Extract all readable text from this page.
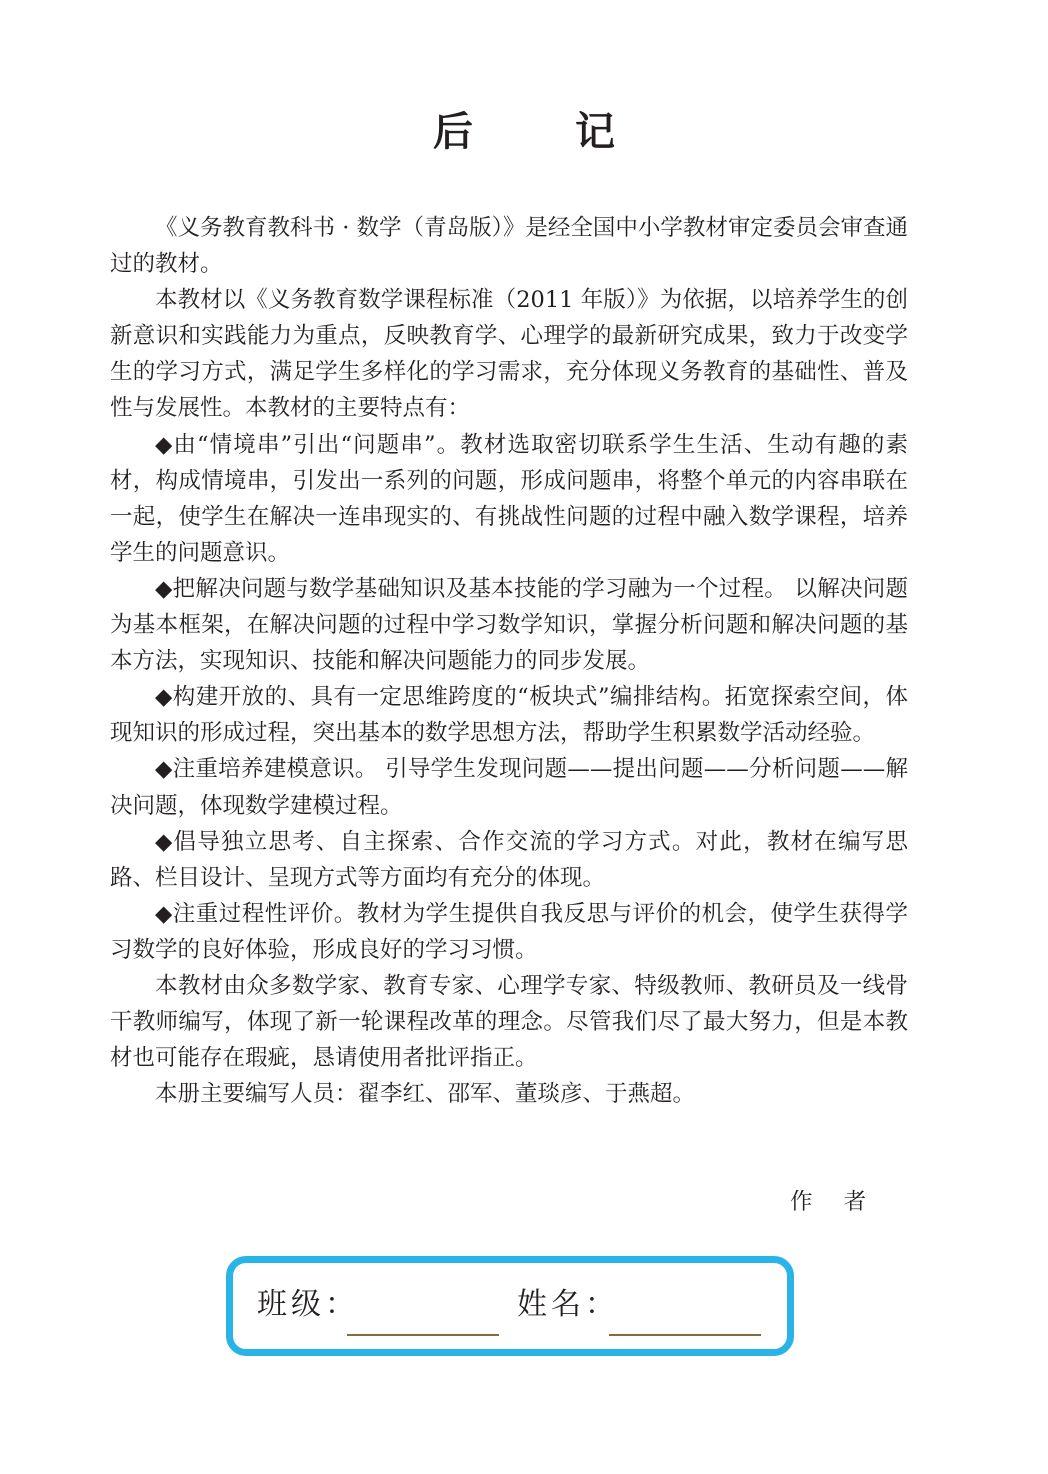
后 记

《义务教育教科书 · 数学（青岛版）》是经全国中小学教材审定委员会审查通过的教材。

本教材以《义务教育数学课程标准（2011 年版）》为依据，以培养学生的创新意识和实践能力为重点，反映教育学、心理学的最新研究成果，致力于改变学生的学习方式，满足学生多样化的学习需求，充分体现义务教育的基础性、普及性与发展性。本教材的主要特点有：

◆由“情境串”引出“问题串”。教材选取密切联系学生生活、生动有趣的素材，构成情境串，引发出一系列的问题，形成问题串，将整个单元的内容串联在一起，使学生在解决一连串现实的、有挑战性问题的过程中融入数学课程，培养学生的问题意识。

◆把解决问题与数学基础知识及基本技能的学习融为一个过程。 以解决问题为基本框架，在解决问题的过程中学习数学知识，掌握分析问题和解决问题的基本方法，实现知识、技能和解决问题能力的同步发展。

◆构建开放的、具有一定思维跨度的“板块式”编排结构。拓宽探索空间，体现知识的形成过程，突出基本的数学思想方法，帮助学生积累数学活动经验。

◆注重培养建模意识。 引导学生发现问题——提出问题——分析问题——解决问题，体现数学建模过程。

◆倡导独立思考、自主探索、合作交流的学习方式。对此，教材在编写思路、栏目设计、呈现方式等方面均有充分的体现。

◆注重过程性评价。教材为学生提供自我反思与评价的机会，使学生获得学习数学的良好体验，形成良好的学习习惯。

本教材由众多数学家、教育专家、心理学专家、特级教师、教研员及一线骨干教师编写，体现了新一轮课程改革的理念。尽管我们尽了最大努力，但是本教材也可能存在瑕疵，恳请使用者批评指正。

本册主要编写人员：翟李红、邵军、董琰彦、于燕超。

作 者
班级：	姓名：
